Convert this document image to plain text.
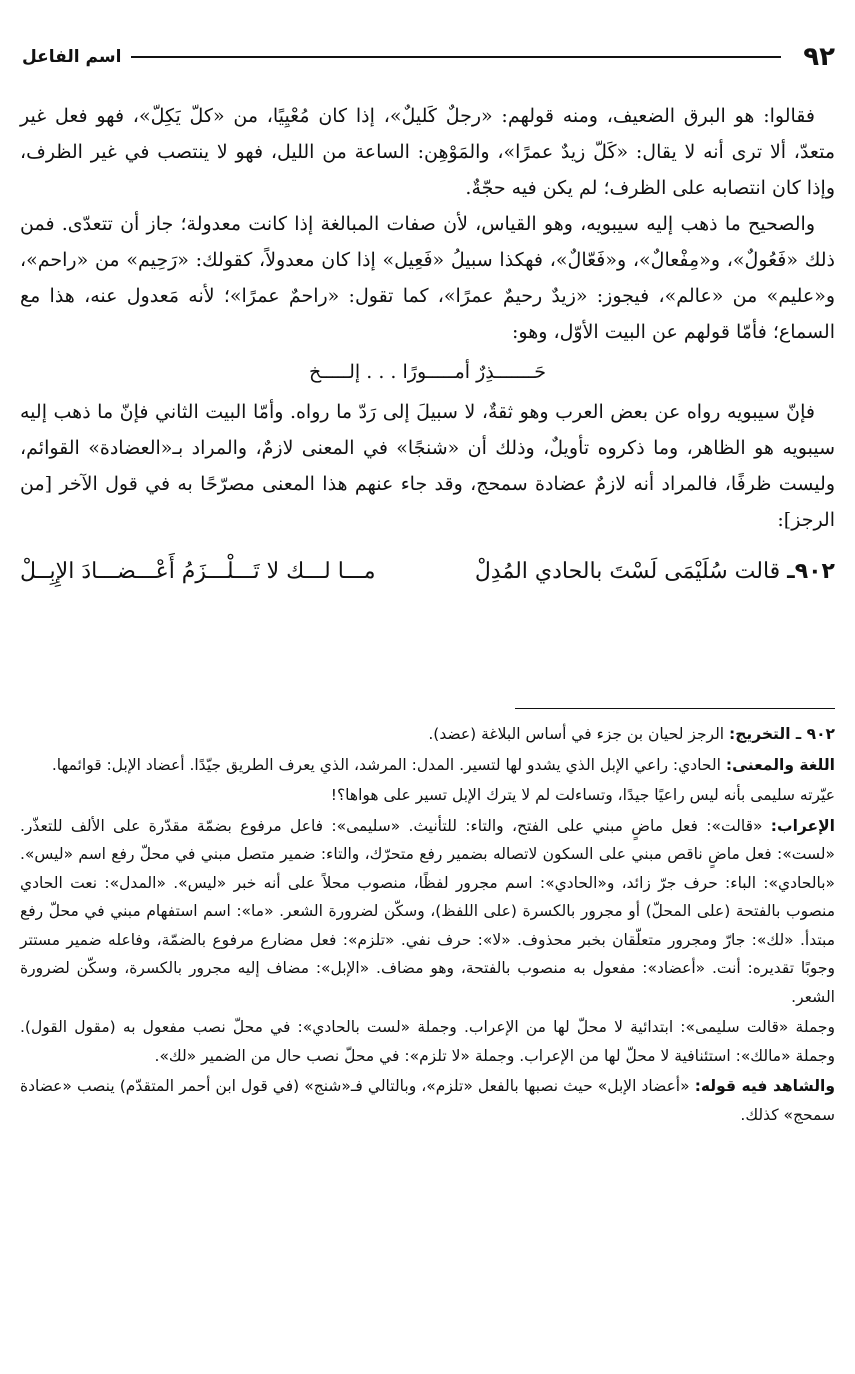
٩٢
اسم الفاعل

فقالوا: هو البرق الضعيف، ومنه قولهم: «رجلٌ كَليلٌ»، إذا كان مُعْيِيًا، من «كلّ يَكِلّ»، فهو فعل غير متعدّ، ألا ترى أنه لا يقال: «كَلّ زيدٌ عمرًا»، والمَوْهِن: الساعة من الليل، فهو لا ينتصب في غير الظرف، وإذا كان انتصابه على الظرف؛ لم يكن فيه حجّةٌ.

والصحيح ما ذهب إليه سيبويه، وهو القياس، لأن صفات المبالغة إذا كانت معدولة؛ جاز أن تتعدّى. فمن ذلك «فَعُولٌ»، و«مِفْعالٌ»، و«فَعّالٌ»، فهكذا سبيلُ «فَعِيل» إذا كان معدولاً، كقولك: «رَحِيم» من «راحم»، و«عليم» من «عالم»، فيجوز: «زيدٌ رحيمٌ عمرًا»، كما تقول: «راحمٌ عمرًا»؛ لأنه مَعدول عنه، هذا مع السماع؛ فأمّا قولهم عن البيت الأوّل، وهو:

حَـــــــذِرٌ أمـــــورًا . . . إلـــــخ

فإنّ سيبويه رواه عن بعض العرب وهو ثقةٌ، لا سبيلَ إلى رَدّ ما رواه. وأمّا البيت الثاني فإنّ ما ذهب إليه سيبويه هو الظاهر، وما ذكروه تأويلٌ، وذلك أن «شنجًا» في المعنى لازمٌ، والمراد بـ«العضادة» القوائم، وليست ظرفًا، فالمراد أنه لازمٌ عضادة سمحج، وقد جاء عنهم هذا المعنى مصرّحًا به في قول الآخر [من الرجز]:

٩٠٢ـ قالت سُلَيْمَى لَسْتَ بالحادي المُدِلْ
مـــا لـــك لا تَـــلْـــزَمُ أَعْـــضـــادَ الإِبِــلْ

٩٠٢ ـ التخريج: الرجز لحيان بن جزء في أساس البلاغة (عضد).

اللغة والمعنى: الحادي: راعي الإبل الذي يشدو لها لتسير. المدل: المرشد، الذي يعرف الطريق جيّدًا. أعضاد الإبل: قوائمها.

عيّرته سليمى بأنه ليس راعيًا جيدًا، وتساءلت لم لا يترك الإبل تسير على هواها؟!

الإعراب: «قالت»: فعل ماضٍ مبني على الفتح، والتاء: للتأنيث. «سليمى»: فاعل مرفوع بضمّة مقدّرة على الألف للتعذّر. «لست»: فعل ماضٍ ناقص مبني على السكون لاتصاله بضمير رفع متحرّك، والتاء: ضمير متصل مبني في محلّ رفع اسم «ليس». «بالحادي»: الباء: حرف جرّ زائد، و«الحادي»: اسم مجرور لفظًا، منصوب محلاً على أنه خبر «ليس». «المدل»: نعت الحادي منصوب بالفتحة (على المحلّ) أو مجرور بالكسرة (على اللفظ)، وسكّن لضرورة الشعر. «ما»: اسم استفهام مبني في محلّ رفع مبتدأ. «لك»: جارّ ومجرور متعلّقان بخبر محذوف. «لا»: حرف نفي. «تلزم»: فعل مضارع مرفوع بالضمّة، وفاعله ضمير مستتر وجوبًا تقديره: أنت. «أعضاد»: مفعول به منصوب بالفتحة، وهو مضاف. «الإبل»: مضاف إليه مجرور بالكسرة، وسكّن لضرورة الشعر.

وجملة «قالت سليمى»: ابتدائية لا محلّ لها من الإعراب. وجملة «لست بالحادي»: في محلّ نصب مفعول به (مقول القول). وجملة «مالك»: استئنافية لا محلّ لها من الإعراب. وجملة «لا تلزم»: في محلّ نصب حال من الضمير «لك».

والشاهد فيه قوله: «أعضاد الإبل» حيث نصبها بالفعل «تلزم»، وبالتالي فـ«شنج» (في قول ابن أحمر المتقدّم) ينصب «عضادة سمحج» كذلك.
